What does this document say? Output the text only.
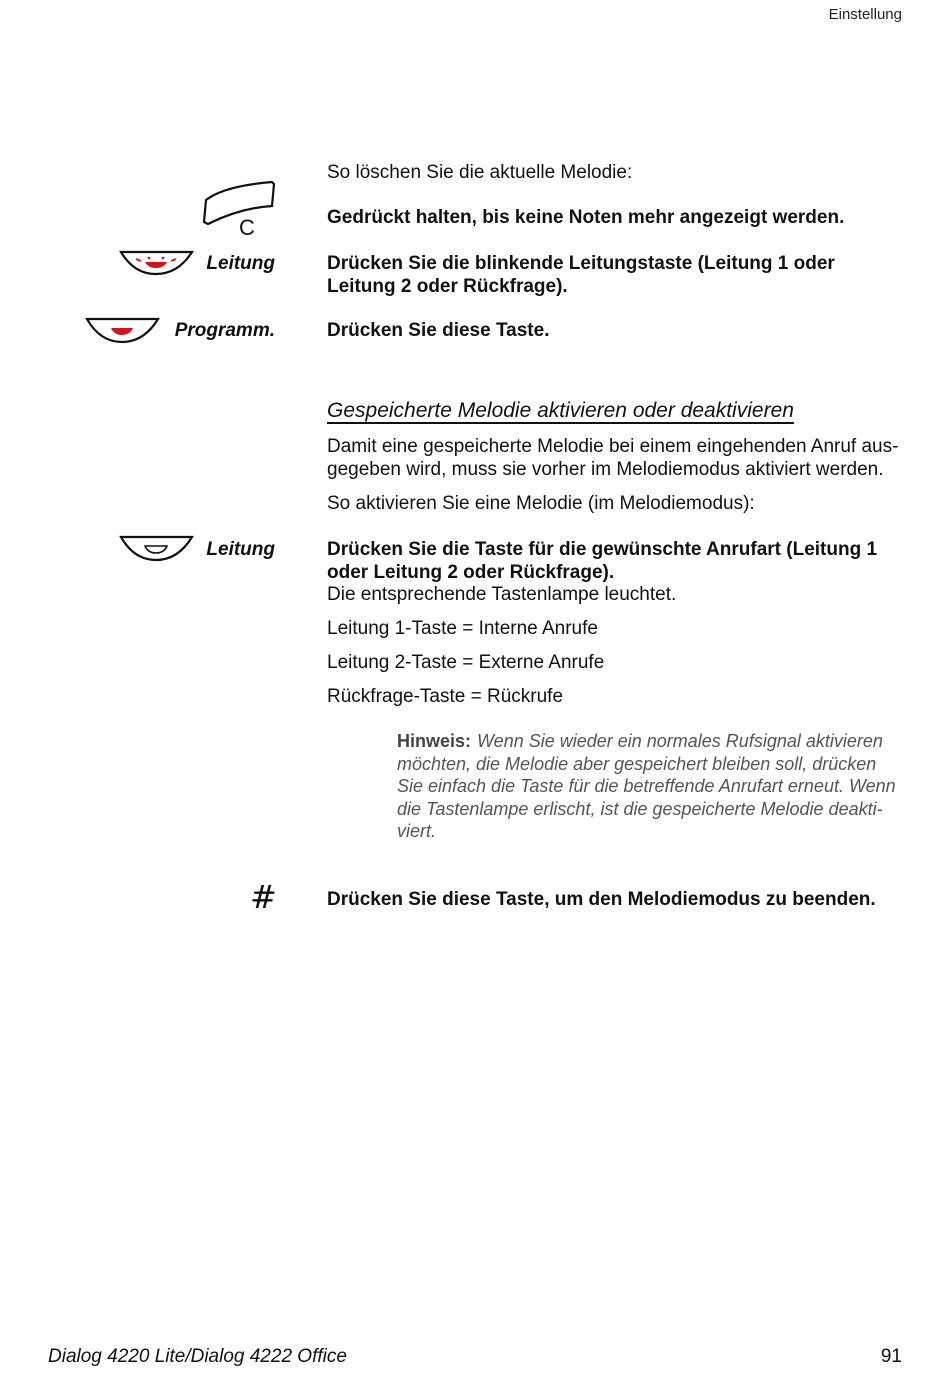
Einstellung
So löschen Sie die aktuelle Melodie:
C	Gedrückt halten, bis keine Noten mehr angezeigt werden.
Leitung	Drücken Sie die blinkende Leitungstaste (Leitung 1 oder Leitung 2 oder Rückfrage).
Programm.	Drücken Sie diese Taste.
Gespeicherte Melodie aktivieren oder deaktivieren
Damit eine gespeicherte Melodie bei einem eingehenden Anruf aus-gegeben wird, muss sie vorher im Melodiemodus aktiviert werden.
So aktivieren Sie eine Melodie (im Melodiemodus):
Leitung	Drücken Sie die Taste für die gewünschte Anrufart (Leitung 1 oder Leitung 2 oder Rückfrage).
Die entsprechende Tastenlampe leuchtet.
Leitung 1-Taste = Interne Anrufe
Leitung 2-Taste = Externe Anrufe
Rückfrage-Taste = Rückrufe
Hinweis: Wenn Sie wieder ein normales Rufsignal aktivieren möchten, die Melodie aber gespeichert bleiben soll, drücken Sie einfach die Taste für die betreffende Anrufart erneut. Wenn die Tastenlampe erlischt, ist die gespeicherte Melodie deakti- viert.
#	Drücken Sie diese Taste, um den Melodiemodus zu beenden.
Dialog 4220 Lite/Dialog 4222 Office	91
